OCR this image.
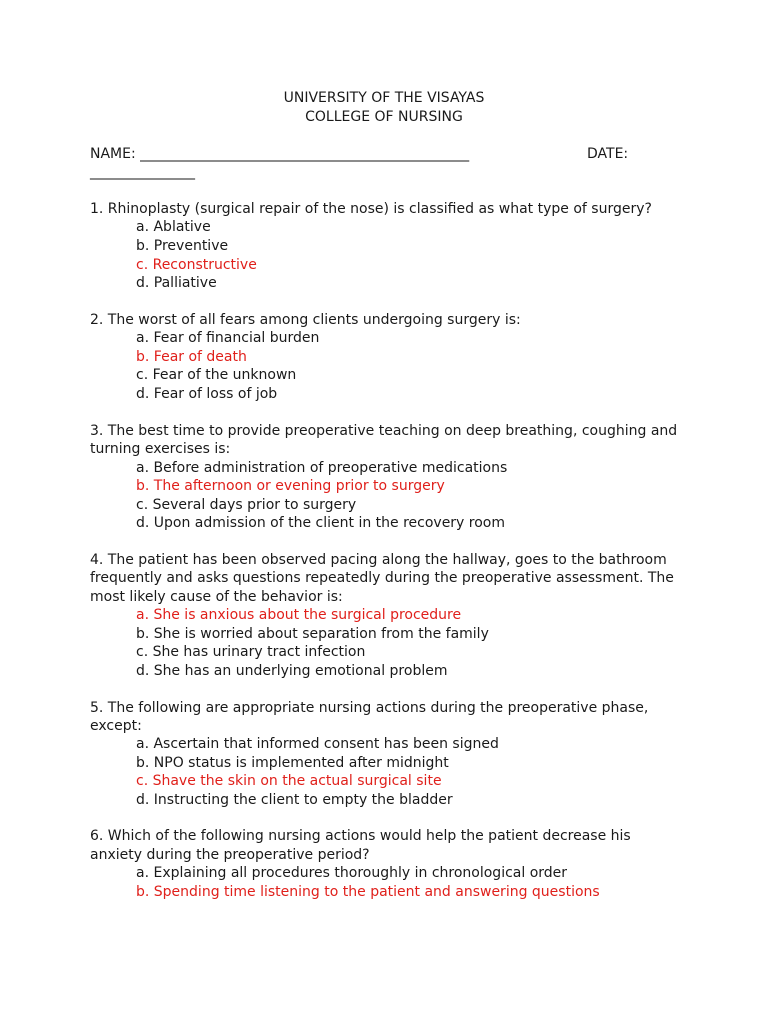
UNIVERSITY OF THE VISAYAS
COLLEGE OF NURSING
NAME: _______________________________________________	DATE:
_______________
1. Rhinoplasty (surgical repair of the nose) is classified as what type of surgery?
a. Ablative
b. Preventive
c. Reconstructive
d. Palliative
2. The worst of all fears among clients undergoing surgery is:
a. Fear of financial burden
b. Fear of death
c. Fear of the unknown
d. Fear of loss of job
3. The best time to provide preoperative teaching on deep breathing, coughing and
turning exercises is:
a. Before administration of preoperative medications
b. The afternoon or evening prior to surgery
c. Several days prior to surgery
d. Upon admission of the client in the recovery room
4. The patient has been observed pacing along the hallway, goes to the bathroom
frequently and asks questions repeatedly during the preoperative assessment. The
most likely cause of the behavior is:
a. She is anxious about the surgical procedure
b. She is worried about separation from the family
c. She has urinary tract infection
d. She has an underlying emotional problem
5. The following are appropriate nursing actions during the preoperative phase,
except:
a. Ascertain that informed consent has been signed
b. NPO status is implemented after midnight
c. Shave the skin on the actual surgical site
d. Instructing the client to empty the bladder
6. Which of the following nursing actions would help the patient decrease his
anxiety during the preoperative period?
a. Explaining all procedures thoroughly in chronological order
b. Spending time listening to the patient and answering questions
